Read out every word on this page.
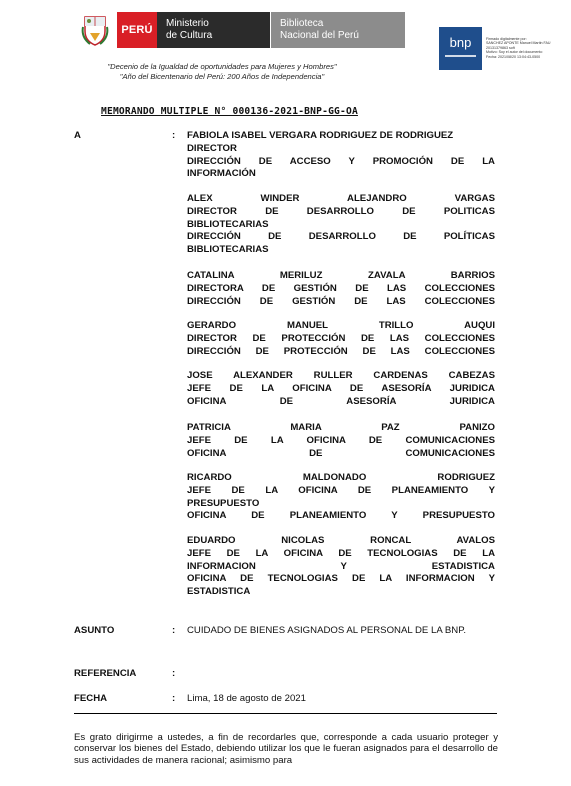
PERÚ
Ministerio
de Cultura
Biblioteca
Nacional del Perú
"Decenio de la Igualdad de oportunidades para Mujeres y Hombres"
"Año del Bicentenario del Perú: 200 Años de Independencia"
bnp	Firmado digitalmente por:
SANCHEZ APONTE Manuel Martin FAU
20131379863 soft
Motivo: Soy el autor del documento
Fecha: 2021/08/20 13:04:43-0500
MEMORANDO MULTIPLE N° 000136-2021-BNP-GG-OA
A	: FABIOLA ISABEL VERGARA RODRIGUEZ DE RODRIGUEZ
DIRECTOR
DIRECCIÓN DE ACCESO Y PROMOCIÓN DE LA
INFORMACIÓN
ALEX WINDER ALEJANDRO VARGAS
DIRECTOR DE DESARROLLO DE POLITICAS
BIBLIOTECARIAS
DIRECCIÓN DE DESARROLLO DE POLÍTICAS
BIBLIOTECARIAS
CATALINA MERILUZ ZAVALA BARRIOS
DIRECTORA DE GESTIÓN DE LAS COLECCIONES
DIRECCIÓN DE GESTIÓN DE LAS COLECCIONES
GERARDO MANUEL TRILLO AUQUI
DIRECTOR DE PROTECCIÓN DE LAS COLECCIONES
DIRECCIÓN DE PROTECCIÓN DE LAS COLECCIONES
JOSE ALEXANDER RULLER CARDENAS CABEZAS
JEFE DE LA OFICINA DE ASESORÍA JURIDICA
OFICINA DE ASESORÍA JURIDICA
PATRICIA MARIA PAZ PANIZO
JEFE DE LA OFICINA DE COMUNICACIONES
OFICINA DE COMUNICACIONES
RICARDO MALDONADO RODRIGUEZ
JEFE DE LA OFICINA DE PLANEAMIENTO Y
PRESUPUESTO
OFICINA DE PLANEAMIENTO Y PRESUPUESTO
EDUARDO NICOLAS RONCAL AVALOS
JEFE DE LA OFICINA DE TECNOLOGIAS DE LA
INFORMACION Y ESTADISTICA
OFICINA DE TECNOLOGIAS DE LA INFORMACION Y
ESTADISTICA
ASUNTO	: CUIDADO DE BIENES ASIGNADOS AL PERSONAL DE LA BNP.
REFERENCIA	:
FECHA	: Lima, 18 de agosto de 2021
Es grato dirigirme a ustedes, a fin de recordarles que, corresponde a cada usuario proteger y conservar los bienes del Estado, debiendo utilizar los que le fueran asignados para el desarrollo de sus actividades de manera racional; asimismo para
